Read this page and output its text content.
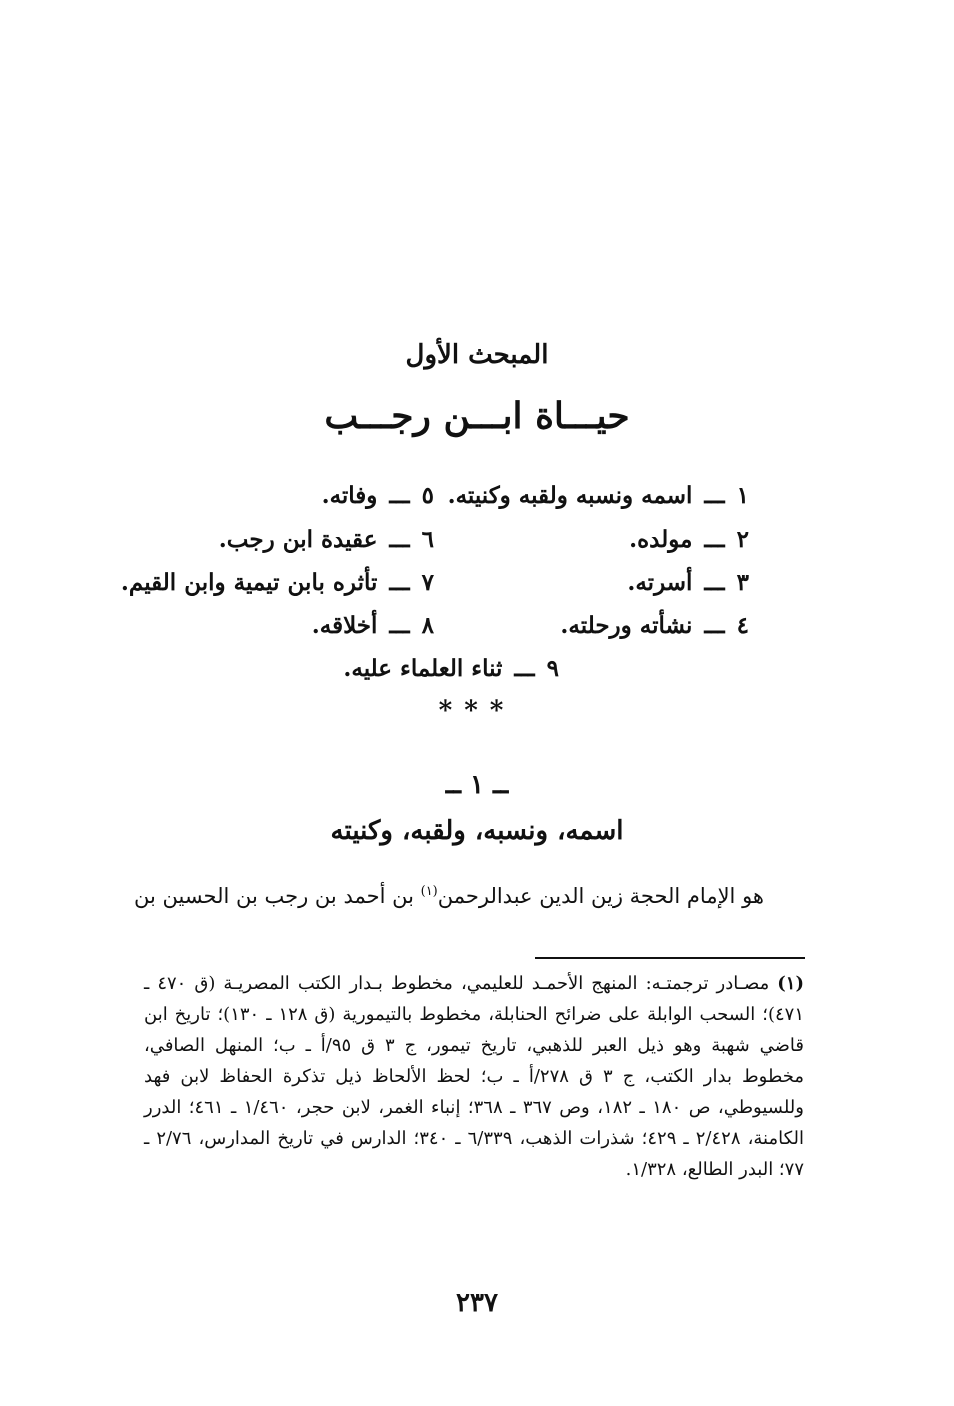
المبحث الأول
حيـــاة ابـــن رجـــب
١ـــاسمه ونسبه ولقبه وكنيته.
٢ـــمولده.
٣ـــأسرته.
٤ـــنشأته ورحلته.
٥ـــوفاته.
٦ـــعقيدة ابن رجب.
٧ـــتأثره بابن تيمية وابن القيم.
٨ـــأخلاقه.
٩ـــثناء العلماء عليه.
***
ــ ١ ــ
اسمه، ونسبه، ولقبه، وكنيته
هو الإمام الحجة زين الدين عبدالرحمن$^{(١)}$ بن أحمد بن رجب بن الحسين بن
(١)مصـادر ترجمتـه: المنهج الأحمـد للعليمي، مخطوط بـدار الكتب المصريـة (ق ٤٧٠ ـ ٤٧١)؛ السحب الوابلة على ضرائح الحنابلة، مخطوط بالتيمورية (ق ١٢٨ ـ ١٣٠)؛ تاريخ ابن قاضي شهبة وهو ذيل العبر للذهبي، تاريخ تيمور، ج ٣ ق ٩٥/أ ـ ب؛ المنهل الصافي، مخطوط بدار الكتب، ج ٣ ق ٢٧٨/أ ـ ب؛ لحظ الألحاظ ذيل تذكرة الحفاظ لابن فهد وللسيوطي، ص ١٨٠ ـ ١٨٢، وص ٣٦٧ ـ ٣٦٨؛ إنباء الغمر، لابن حجر، ١/٤٦٠ ـ ٤٦١؛ الدرر الكامنة، ٢/٤٢٨ ـ ٤٢٩؛ شذرات الذهب، ٦/٣٣٩ ـ ٣٤٠؛ الدارس في تاريخ المدارس، ٢/٧٦ ـ ٧٧؛ البدر الطالع، ١/٣٢٨.
٢٣٧
